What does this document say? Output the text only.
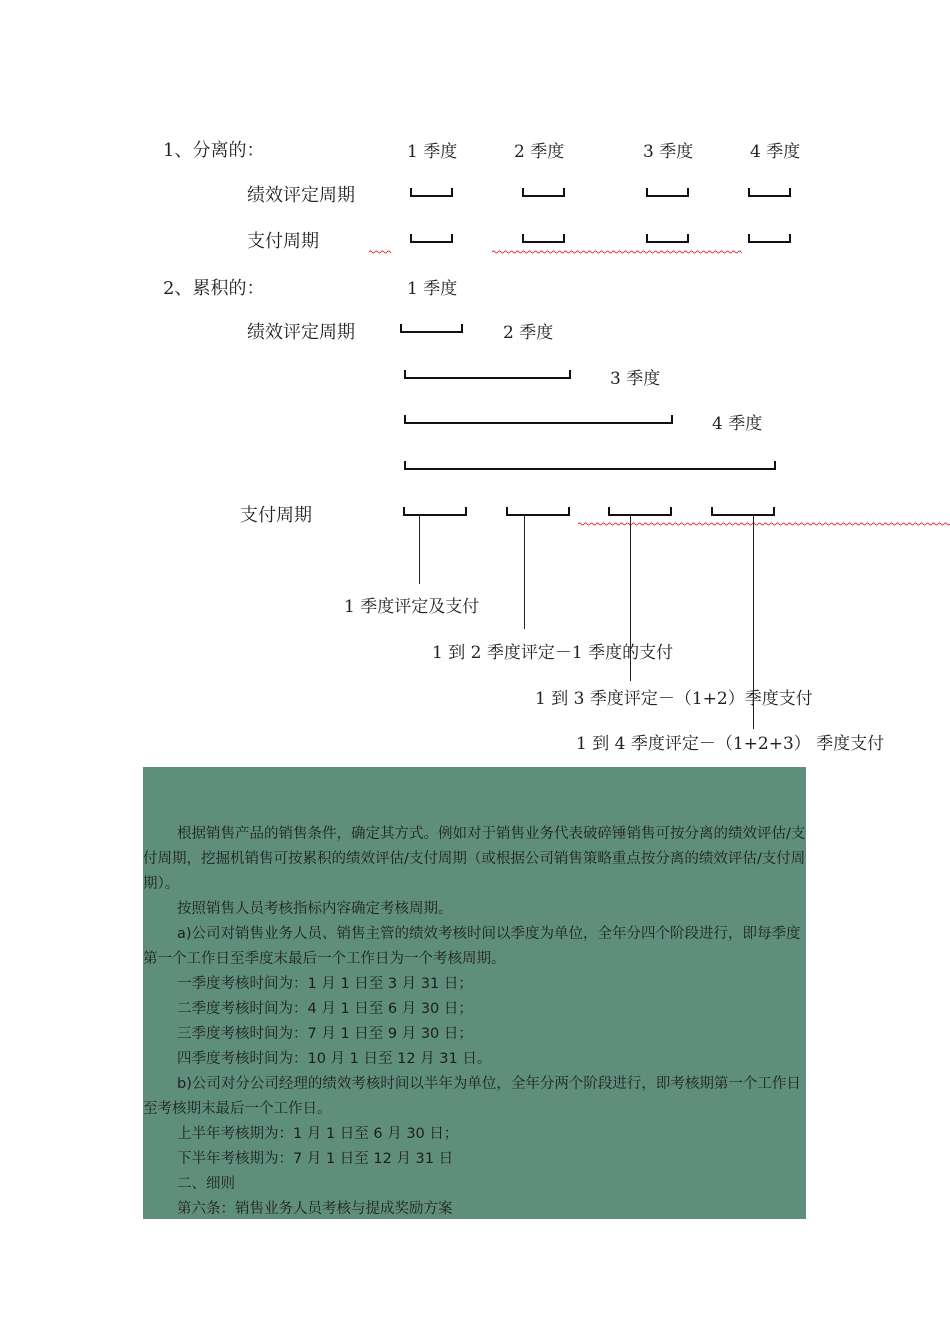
1、分离的：	1 季度	2 季度	3 季度	4 季度
绩效评定周期
支付周期
2、累积的：	1 季度
绩效评定周期	2 季度
3 季度
4 季度
支付周期
1 季度评定及支付
1 到 2 季度评定－1 季度的支付
1 到 3 季度评定－（1+2）季度支付
1 到 4 季度评定－（1+2+3） 季度支付

根据销售产品的销售条件，确定其方式。例如对于销售业务代表破碎锤销售可按分离的绩效评估/支付周期，挖掘机销售可按累积的绩效评估/支付周期（或根据公司销售策略重点按分离的绩效评估/支付周期）。

按照销售人员考核指标内容确定考核周期。

a)公司对销售业务人员、销售主管的绩效考核时间以季度为单位，全年分四个阶段进行，即每季度第一个工作日至季度末最后一个工作日为一个考核周期。

一季度考核时间为：1 月 1 日至 3 月 31 日；

二季度考核时间为：4 月 1 日至 6 月 30 日；

三季度考核时间为：7 月 1 日至 9 月 30 日；

四季度考核时间为：10 月 1 日至 12 月 31 日。

b)公司对分公司经理的绩效考核时间以半年为单位，全年分两个阶段进行，即考核期第一个工作日至考核期末最后一个工作日。

上半年考核期为：1 月 1 日至 6 月 30 日；

下半年考核期为：7 月 1 日至 12 月 31 日

二、细则

第六条：销售业务人员考核与提成奖励方案
